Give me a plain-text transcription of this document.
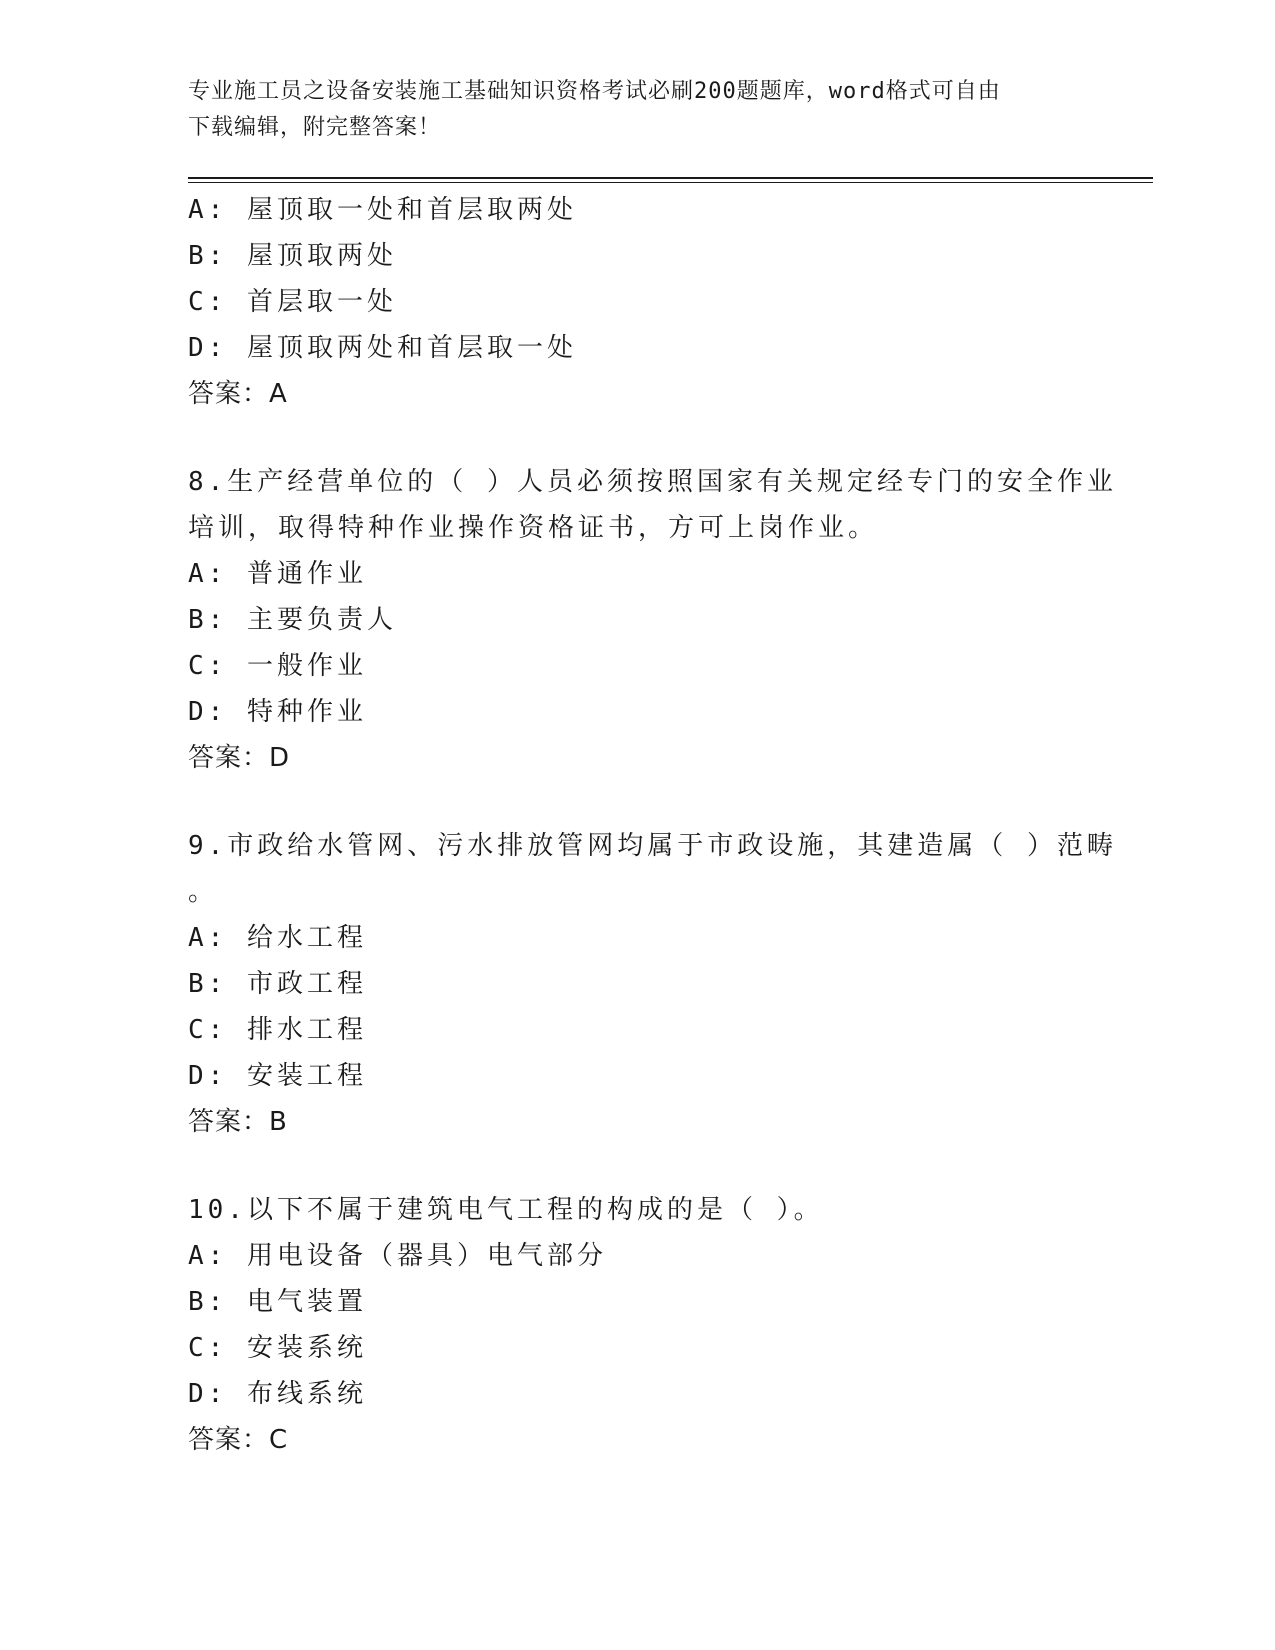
专业施工员之设备安装施工基础知识资格考试必刷200题题库，word格式可自由
下载编辑，附完整答案！
A: 屋顶取一处和首层取两处
B: 屋顶取两处
C: 首层取一处
D: 屋顶取两处和首层取一处
答案：A
8.生产经营单位的（ ）人员必须按照国家有关规定经专门的安全作业
培训，取得特种作业操作资格证书，方可上岗作业。
A: 普通作业
B: 主要负责人
C: 一般作业
D: 特种作业
答案：D
9.市政给水管网、污水排放管网均属于市政设施，其建造属（ ）范畴
。
A: 给水工程
B: 市政工程
C: 排水工程
D: 安装工程
答案：B
10.以下不属于建筑电气工程的构成的是（ ）。
A: 用电设备（器具）电气部分
B: 电气装置
C: 安装系统
D: 布线系统
答案：C
